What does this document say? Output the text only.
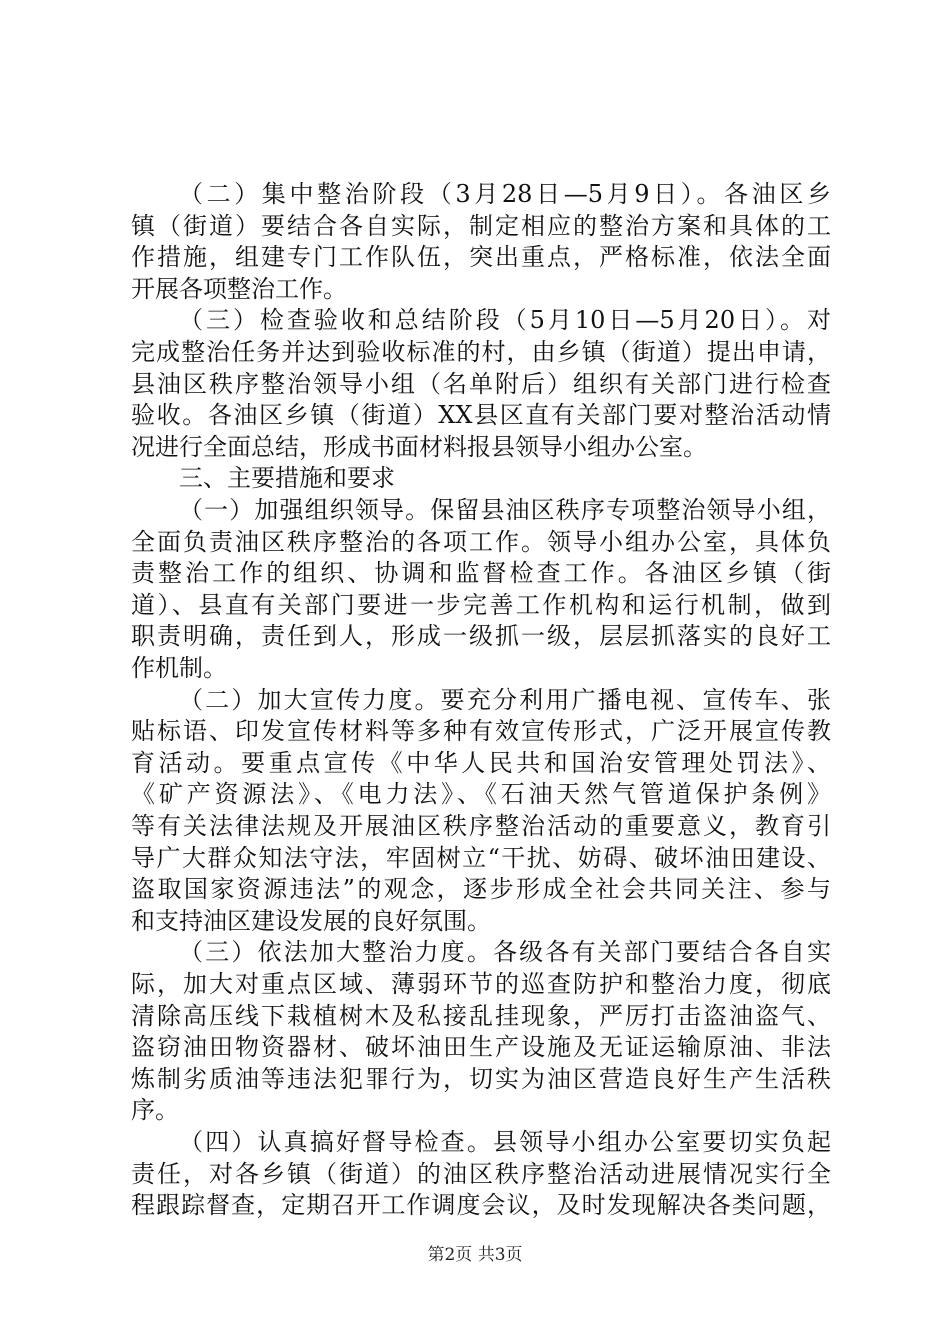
（二）集中整治阶段（3月28日—5月9日）。各油区乡
镇（街道）要结合各自实际，制定相应的整治方案和具体的工
作措施，组建专门工作队伍，突出重点，严格标准，依法全面
开展各项整治工作。
（三）检查验收和总结阶段（5月10日—5月20日）。对
完成整治任务并达到验收标准的村，由乡镇（街道）提出申请，
县油区秩序整治领导小组（名单附后）组织有关部门进行检查
验收。各油区乡镇（街道）XX县区直有关部门要对整治活动情
况进行全面总结，形成书面材料报县领导小组办公室。
三、主要措施和要求
（一）加强组织领导。保留县油区秩序专项整治领导小组，
全面负责油区秩序整治的各项工作。领导小组办公室，具体负
责整治工作的组织、协调和监督检查工作。各油区乡镇（街
道）、县直有关部门要进一步完善工作机构和运行机制，做到
职责明确，责任到人，形成一级抓一级，层层抓落实的良好工
作机制。
（二）加大宣传力度。要充分利用广播电视、宣传车、张
贴标语、印发宣传材料等多种有效宣传形式，广泛开展宣传教
育活动。要重点宣传《中华人民共和国治安管理处罚法》、
《矿产资源法》、《电力法》、《石油天然气管道保护条例》
等有关法律法规及开展油区秩序整治活动的重要意义，教育引
导广大群众知法守法，牢固树立“干扰、妨碍、破坏油田建设、
盗取国家资源违法”的观念，逐步形成全社会共同关注、参与
和支持油区建设发展的良好氛围。
（三）依法加大整治力度。各级各有关部门要结合各自实
际，加大对重点区域、薄弱环节的巡查防护和整治力度，彻底
清除高压线下栽植树木及私接乱挂现象，严厉打击盗油盗气、
盗窃油田物资器材、破坏油田生产设施及无证运输原油、非法
炼制劣质油等违法犯罪行为，切实为油区营造良好生产生活秩
序。
第2页 共3页
（四）认真搞好督导检查。县领导小组办公室要切实负起
责任，对各乡镇（街道）的油区秩序整治活动进展情况实行全
程跟踪督查，定期召开工作调度会议，及时发现解决各类问题，
